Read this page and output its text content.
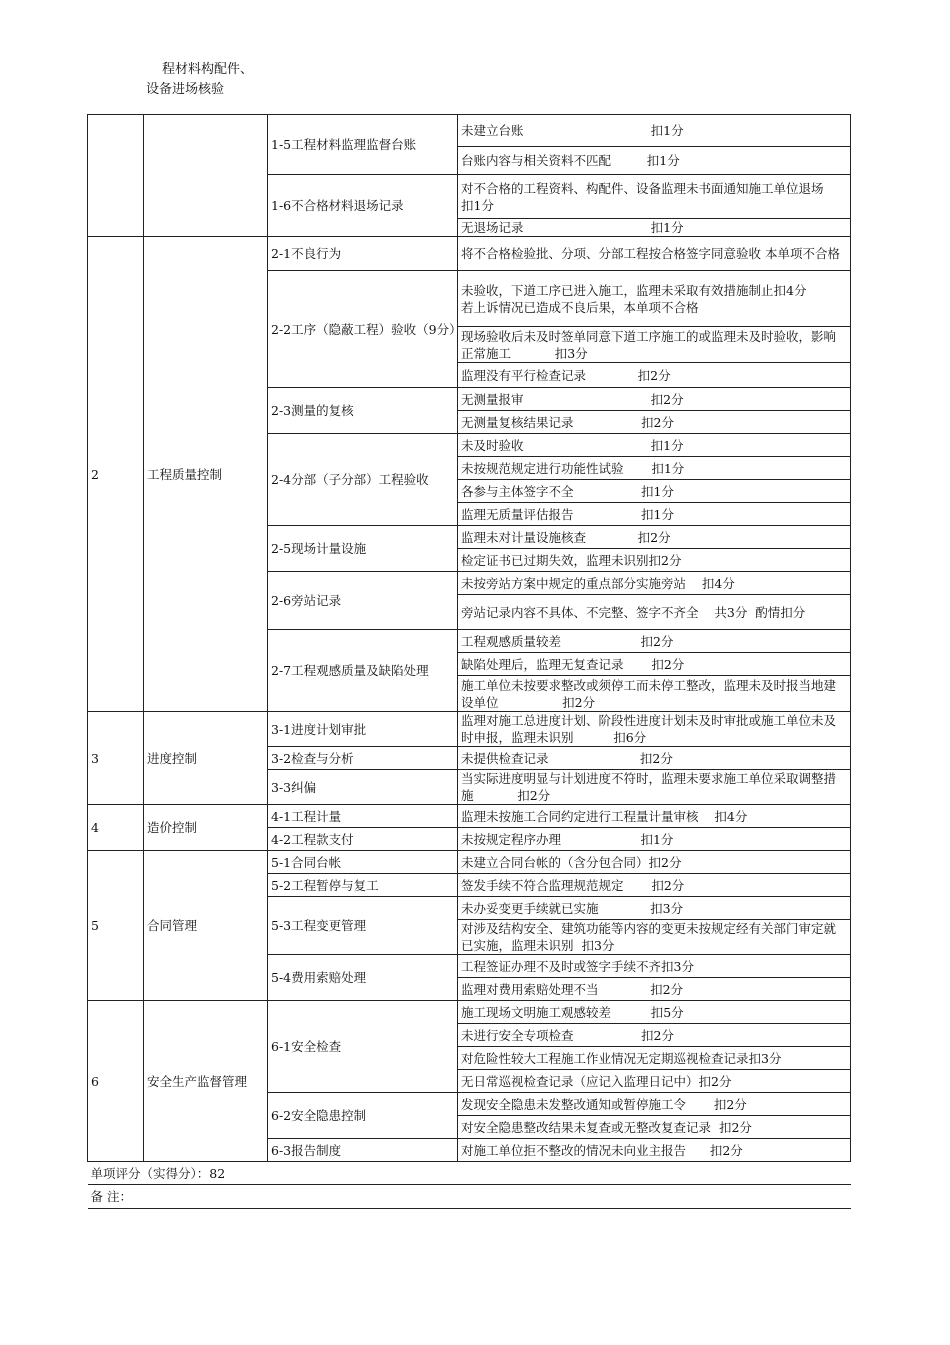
程材料构配件、
设备进场核验
		1-5工程材料监理监督台账	未建立台账                                扣1分
			台账内容与相关资料不匹配         扣1分
		1-6不合格材料退场记录	对不合格的工程资料、构配件、设备监理未书面通知施工单位退场                    扣1分
			无退场记录                                扣1分
2	工程质量控制	2-1不良行为	将不合格检验批、分项、分部工程按合格签字同意验收 本单项不合格
		2-2工序（隐蔽工程）验收（9分）	未验收，下道工序已进入施工，监理未采取有效措施制止扣4分
若上诉情况已造成不良后果，本单项不合格
			现场验收后未及时签单同意下道工序施工的或监理未及时验收，影响正常施工           扣3分
			监理没有平行检查记录             扣2分
		2-3测量的复核	无测量报审                                扣2分
			无测量复核结果记录                 扣2分
		2-4分部（子分部）工程验收	未及时验收                                扣1分
			未按规范规定进行功能性试验       扣1分
			各参与主体签字不全                 扣1分
			监理无质量评估报告                 扣1分
		2-5现场计量设施	监理未对计量设施核查             扣2分
			检定证书已过期失效，监理未识别扣2分
		2-6旁站记录	未按旁站方案中规定的重点部分实施旁站    扣4分
			旁站记录内容不具体、不完整、签字不齐全    共3分  酌情扣分
		2-7工程观感质量及缺陷处理	工程观感质量较差                    扣2分
			缺陷处理后，监理无复查记录       扣2分
			施工单位未按要求整改或须停工而未停工整改，监理未及时报当地建设单位                扣2分
3	进度控制	3-1进度计划审批	监理对施工总进度计划、阶段性进度计划未及时审批或施工单位未及时申报，监理未识别          扣6分
		3-2检查与分析	未提供检查记录                       扣2分
		3-3纠偏	当实际进度明显与计划进度不符时，监理未要求施工单位采取调整措施           扣2分
4	造价控制	4-1工程计量	监理未按施工合同约定进行工程量计量审核    扣4分
		4-2工程款支付	未按规定程序办理                    扣1分
5	合同管理	5-1合同台帐	未建立合同台帐的（含分包合同）扣2分
		5-2工程暂停与复工	签发手续不符合监理规范规定       扣2分
		5-3工程变更管理	未办妥变更手续就已实施             扣3分
			对涉及结构安全、建筑功能等内容的变更未按规定经有关部门审定就已实施，监理未识别  扣3分
		5-4费用索赔处理	工程签证办理不及时或签字手续不齐扣3分
			监理对费用索赔处理不当             扣2分
6	安全生产监督管理	6-1安全检查	施工现场文明施工观感较差          扣5分
			未进行安全专项检查                 扣2分
			对危险性较大工程施工作业情况无定期巡视检查记录扣3分
			无日常巡视检查记录（应记入监理日记中）扣2分
		6-2安全隐患控制	发现安全隐患未发整改通知或暂停施工令       扣2分
			对安全隐患整改结果未复查或无整改复查记录  扣2分
		6-3报告制度	对施工单位拒不整改的情况未向业主报告      扣2分
单项评分（实得分）：82			
备 注：			
